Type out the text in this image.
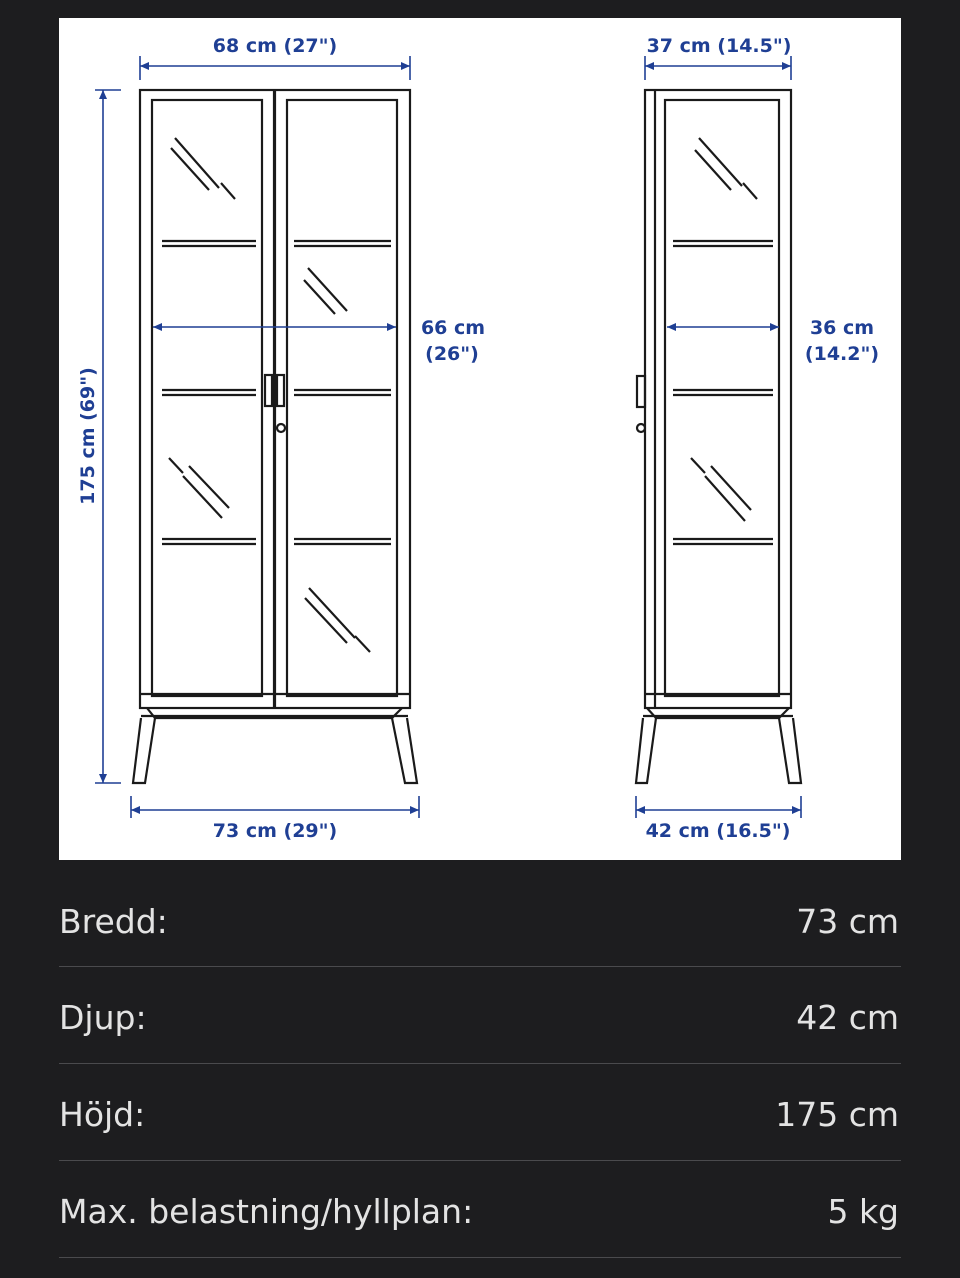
68 cm (27")
175 cm (69")
66 cm
(26")
73 cm (29")
37 cm (14.5")
36 cm
(14.2")
42 cm (16.5")
Bredd:	73 cm
Djup:	42 cm
Höjd:	175 cm
Max. belastning/hyllplan:	5 kg
